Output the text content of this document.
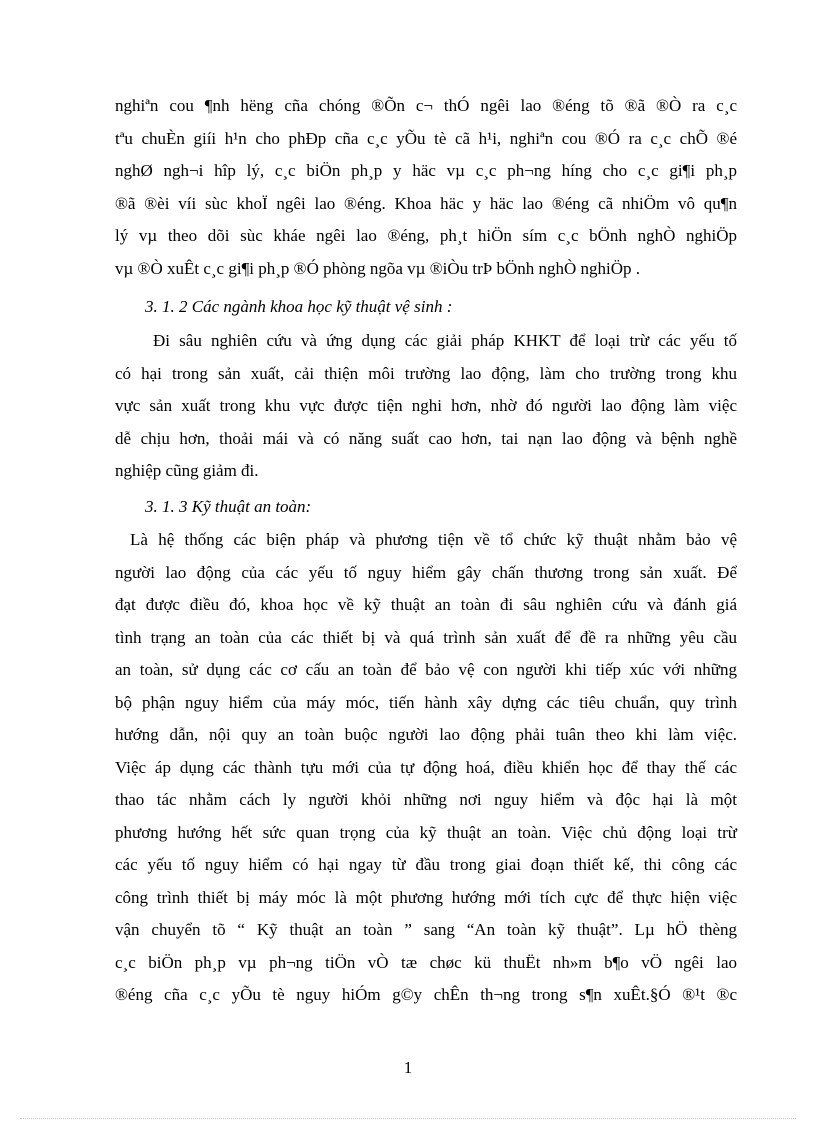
nghiªn cou ¶nh hëng cña chóng ®Õn c¬ thÓ ngêi lao ®éng tõ ®ã ®Ò ra c¸c
tªu chuÈn giíi h¹n cho phÐp cña c¸c yÕu tè cã h¹i, nghiªn cou ®Ó ra c¸c chÕ ®é
nghØ ngh¬i hîp lý, c¸c biÖn ph¸p y häc vµ c¸c ph¬ng híng cho c¸c gi¶i ph¸p
®ã ®èi víi sùc khoÏ ngêi lao ®éng. Khoa häc y häc lao ®éng cã nhiÖm vô qu¶n
lý vµ theo dõi sùc kháe ngêi lao ®éng, ph¸t hiÖn sím c¸c bÖnh nghÒ nghiÖp
vµ ®Ò xuÊt c¸c gi¶i ph¸p ®Ó phòng ngõa vµ ®iÒu trÞ bÖnh nghÒ nghiÖp .
3. 1. 2 Các ngành khoa học kỹ thuật vệ sinh :
Đi sâu nghiên cứu và ứng dụng các giải pháp KHKT để loại trừ các yếu tố
có hại trong sản xuất, cải thiện môi trường lao động, làm cho trường trong khu
vực sản xuất trong khu vực được tiện nghi hơn, nhờ đó người lao động làm việc
dễ chịu hơn, thoải mái và có năng suất cao hơn, tai nạn lao động và bệnh nghề
nghiệp cũng giảm đi.
3. 1. 3 Kỹ thuật an toàn:
Là hệ thống các biện pháp và phương tiện về tổ chức kỹ thuật nhằm bảo vệ
người lao động của các yếu tố nguy hiểm gây chấn thương trong sản xuất. Để
đạt được điều đó, khoa học về kỹ thuật an toàn đi sâu nghiên cứu và đánh giá
tình trạng an toàn của các thiết bị và quá trình sản xuất để đề ra những yêu cầu
an toàn, sử dụng các cơ cấu an toàn để bảo vệ con người khi tiếp xúc với những
bộ phận nguy hiểm của máy móc, tiến hành xây dựng các tiêu chuẩn, quy trình
hướng dẫn, nội quy an toàn buộc người lao động phải tuân theo khi làm việc.
Việc áp dụng các thành tựu mới của tự động hoá, điều khiển học để thay thế các
thao tác nhằm cách ly người khỏi những nơi nguy hiểm và độc hại là một
phương hướng hết sức quan trọng của kỹ thuật an toàn. Việc chủ động loại trừ
các yếu tố nguy hiểm có hại ngay từ đầu trong giai đoạn thiết kế, thi công các
công trình thiết bị máy móc là một phương hướng mới tích cực để thực hiện việc
vận chuyển tõ “ Kỹ thuật an toàn ” sang “An toàn kỹ thuật”. Lµ hÖ thèng
c¸c biÖn ph¸p vµ ph¬ng tiÖn vÒ tæ chøc kü thuËt nh»m b¶o vÖ ngêi lao
®éng cña c¸c yÕu tè nguy hiÓm g©y chÊn th¬ng trong s¶n xuÊt.§Ó ®¹t ®c
1
